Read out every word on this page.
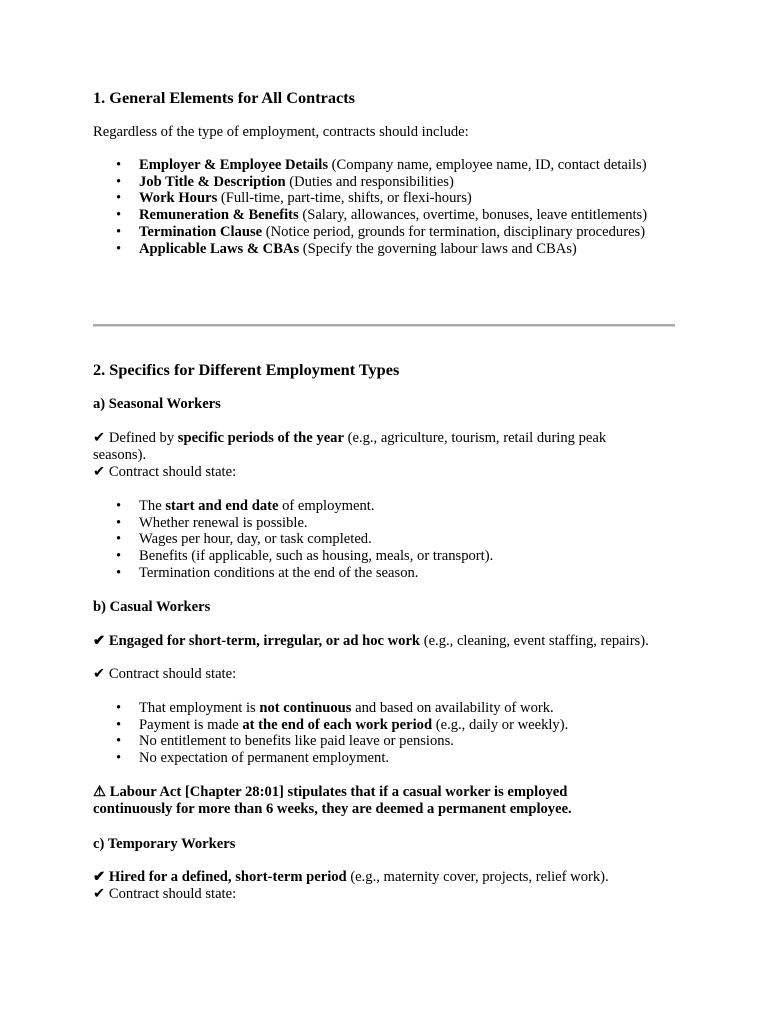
1. General Elements for All Contracts

Regardless of the type of employment, contracts should include:

• Employer & Employee Details (Company name, employee name, ID, contact details)
• Job Title & Description (Duties and responsibilities)
• Work Hours (Full-time, part-time, shifts, or flexi-hours)
• Remuneration & Benefits (Salary, allowances, overtime, bonuses, leave entitlements)
• Termination Clause (Notice period, grounds for termination, disciplinary procedures)
• Applicable Laws & CBAs (Specify the governing labour laws and CBAs)
2. Specifics for Different Employment Types
a) Seasonal Workers

✔ Defined by specific periods of the year (e.g., agriculture, tourism, retail during peak seasons).

✔ Contract should state:

• The start and end date of employment.
• Whether renewal is possible.
• Wages per hour, day, or task completed.
• Benefits (if applicable, such as housing, meals, or transport).
• Termination conditions at the end of the season.
b) Casual Workers

✔ Engaged for short-term, irregular, or ad hoc work (e.g., cleaning, event staffing, repairs).

✔ Contract should state:

• That employment is not continuous and based on availability of work.
• Payment is made at the end of each work period (e.g., daily or weekly).
• No entitlement to benefits like paid leave or pensions.
• No expectation of permanent employment.

⚠ Labour Act [Chapter 28:01] stipulates that if a casual worker is employed continuously for more than 6 weeks, they are deemed a permanent employee.

c) Temporary Workers

✔ Hired for a defined, short-term period (e.g., maternity cover, projects, relief work).

✔ Contract should state:
